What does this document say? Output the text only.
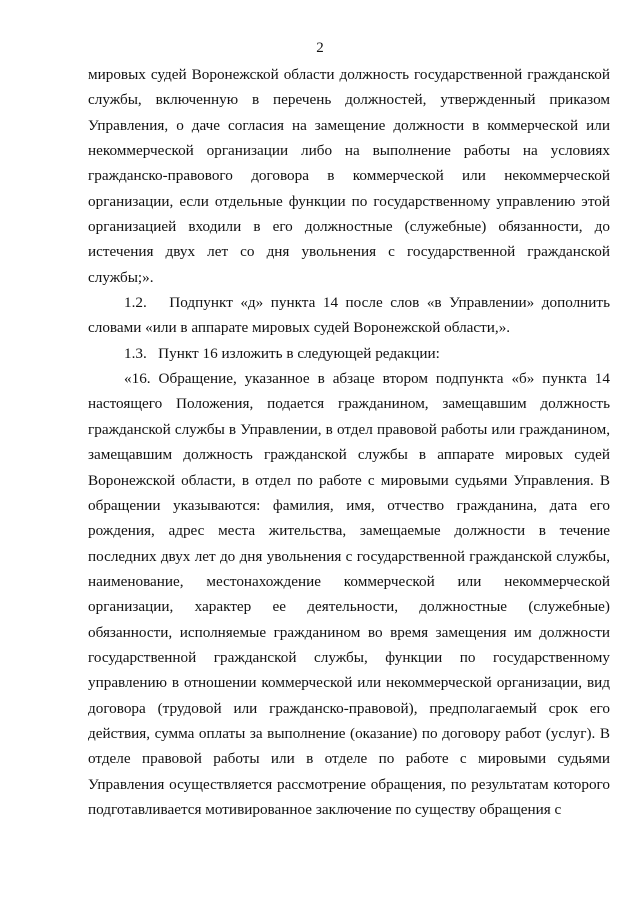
2

мировых судей Воронежской области должность государственной гражданской службы, включенную в перечень должностей, утвержденный приказом Управления, о даче согласия на замещение должности в коммерческой или некоммерческой организации либо на выполнение работы на условиях гражданско-правового договора в коммерческой или некоммерческой организации, если отдельные функции по государственному управлению этой организацией входили в его должностные (служебные) обязанности, до истечения двух лет со дня увольнения с государственной гражданской службы;».

1.2.   Подпункт «д» пункта 14 после слов «в Управлении» дополнить словами «или в аппарате мировых судей Воронежской области,».

1.3.   Пункт 16 изложить в следующей редакции:

«16. Обращение, указанное в абзаце втором подпункта «б» пункта 14 настоящего Положения, подается гражданином, замещавшим должность гражданской службы в Управлении, в отдел правовой работы или гражданином, замещавшим должность гражданской службы в аппарате мировых судей Воронежской области, в отдел по работе с мировыми судьями Управления. В обращении указываются: фамилия, имя, отчество гражданина, дата его рождения, адрес места жительства, замещаемые должности в течение последних двух лет до дня увольнения с государственной гражданской службы, наименование, местонахождение коммерческой или некоммерческой организации, характер ее деятельности, должностные (служебные) обязанности, исполняемые гражданином во время замещения им должности государственной гражданской службы, функции по государственному управлению в отношении коммерческой или некоммерческой организации, вид договора (трудовой или гражданско-правовой), предполагаемый срок его действия, сумма оплаты за выполнение (оказание) по договору работ (услуг). В отделе правовой работы или в отделе по работе с мировыми судьями Управления осуществляется рассмотрение обращения, по результатам которого подготавливается мотивированное заключение по существу обращения с
